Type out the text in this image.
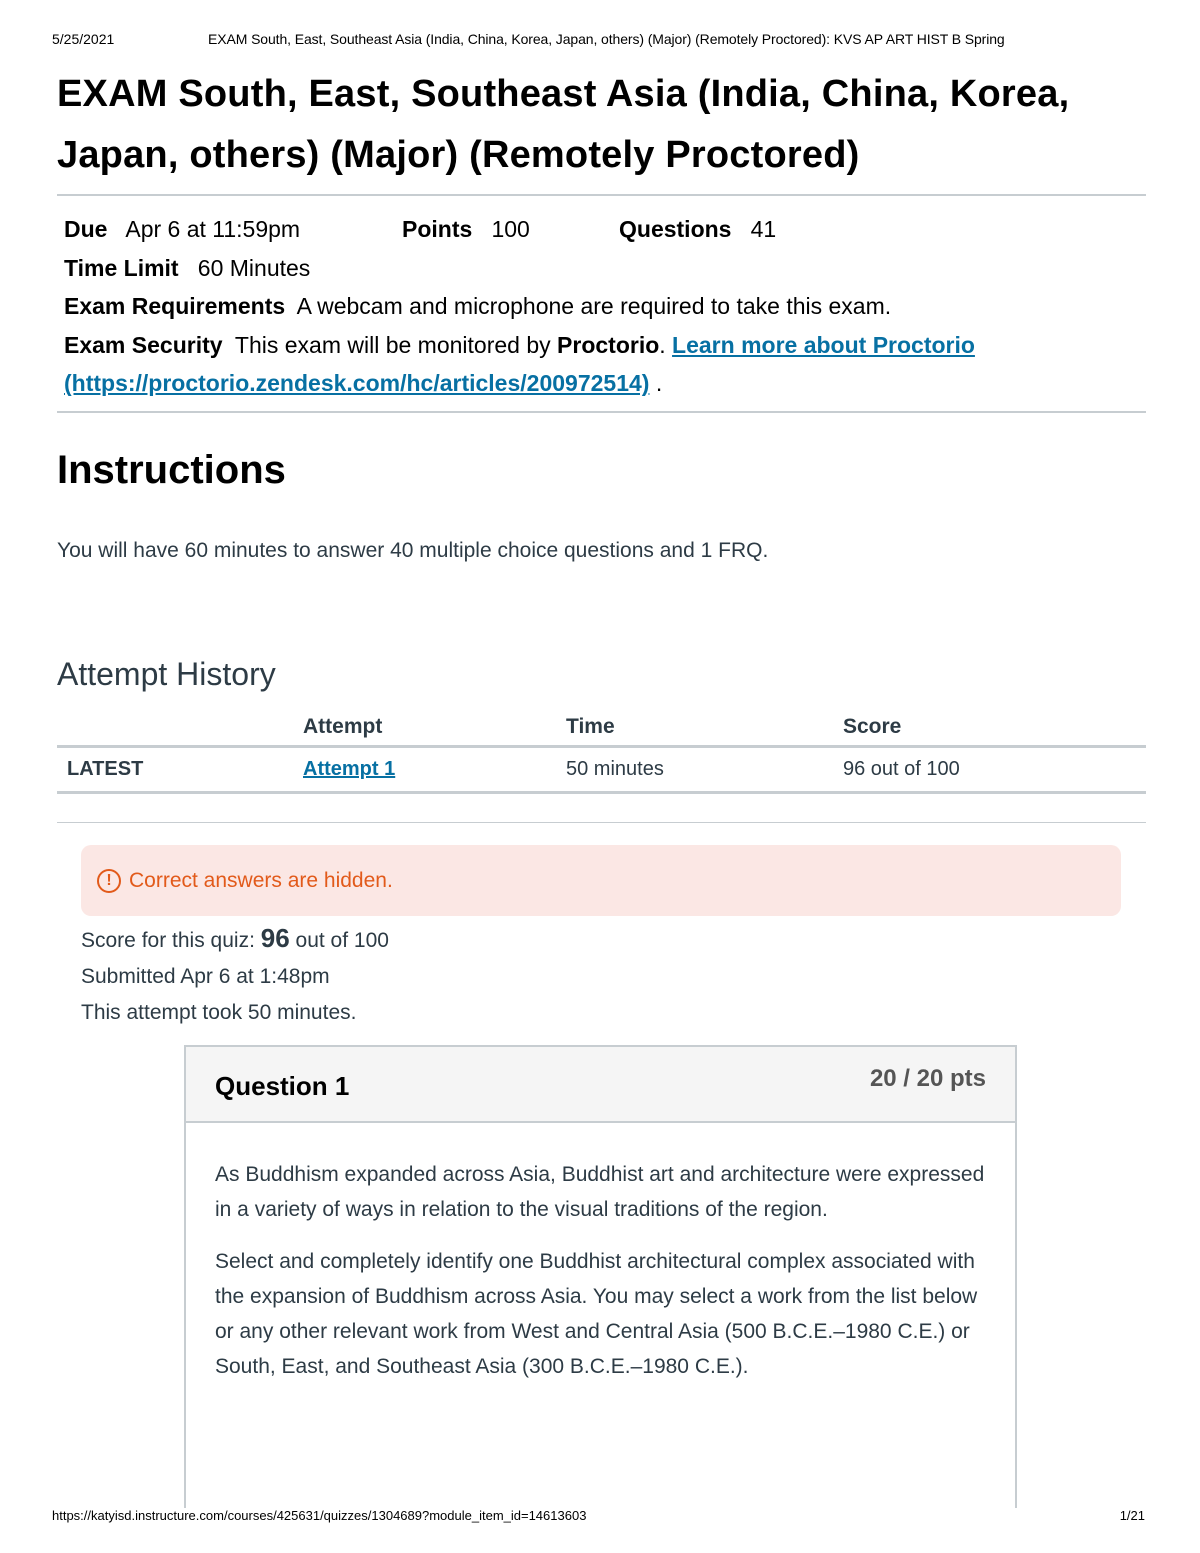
5/25/2021	EXAM South, East, Southeast Asia (India, China, Korea, Japan, others) (Major) (Remotely Proctored): KVS AP ART HIST B Spring
EXAM South, East, Southeast Asia (India, China, Korea, Japan, others) (Major) (Remotely Proctored)
Due Apr 6 at 11:59pm	Points 100	Questions 41
Time Limit 60 Minutes
Exam Requirements A webcam and microphone are required to take this exam.
Exam Security This exam will be monitored by Proctorio. Learn more about Proctorio
(https://proctorio.zendesk.com/hc/articles/200972514) .
Instructions
You will have 60 minutes to answer 40 multiple choice questions and 1 FRQ.
Attempt History
	Attempt	Time	Score
LATEST	Attempt 1	50 minutes	96 out of 100
! Correct answers are hidden.
Score for this quiz: 96 out of 100
Submitted Apr 6 at 1:48pm
This attempt took 50 minutes.
Question 1	20 / 20 pts

As Buddhism expanded across Asia, Buddhist art and architecture were expressed in a variety of ways in relation to the visual traditions of the region.

Select and completely identify one Buddhist architectural complex associated with the expansion of Buddhism across Asia. You may select a work from the list below or any other relevant work from West and Central Asia (500 B.C.E.–1980 C.E.) or South, East, and Southeast Asia (300 B.C.E.–1980 C.E.).

https://katyisd.instructure.com/courses/425631/quizzes/1304689?module_item_id=14613603	1/21
